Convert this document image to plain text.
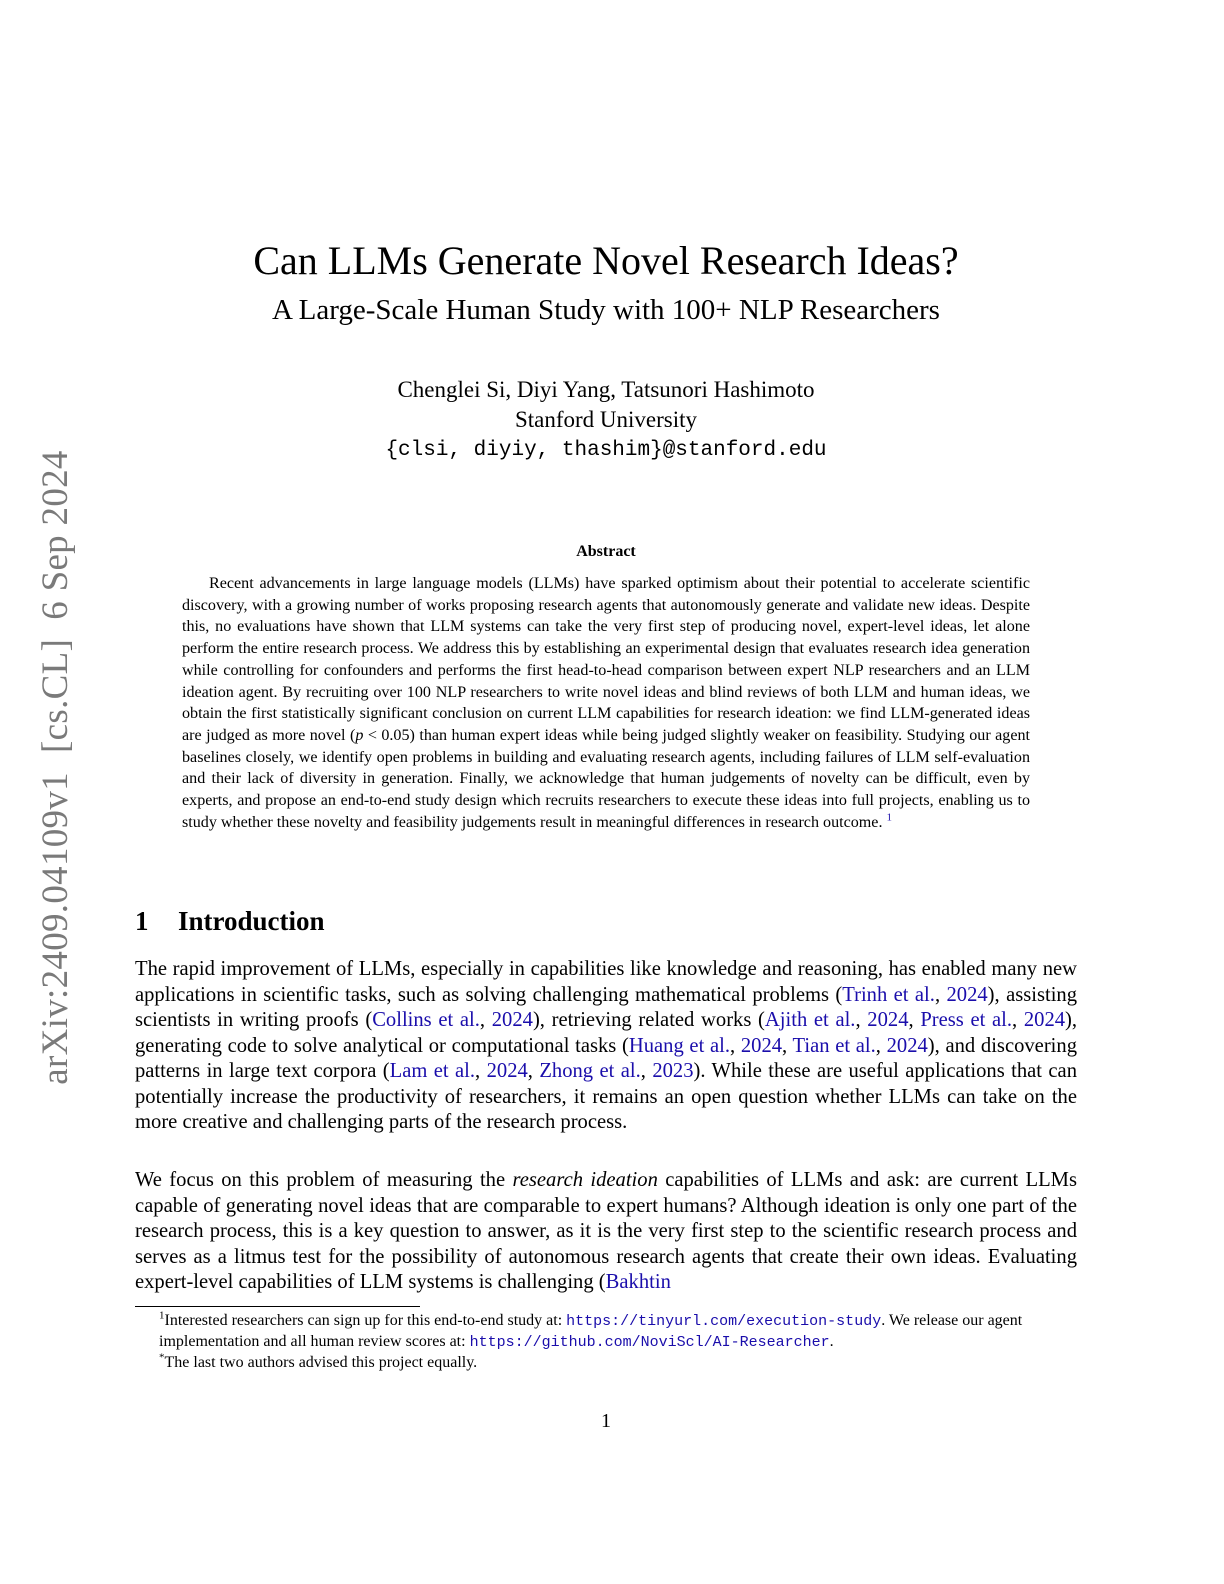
arXiv:2409.04109v1  [cs.CL]  6 Sep 2024
Can LLMs Generate Novel Research Ideas?
A Large-Scale Human Study with 100+ NLP Researchers
Chenglei Si, Diyi Yang, Tatsunori Hashimoto
Stanford University
{clsi, diyiy, thashim}@stanford.edu
Abstract

Recent advancements in large language models (LLMs) have sparked optimism about their potential to accelerate scientific discovery, with a growing number of works proposing research agents that autonomously generate and validate new ideas. Despite this, no evaluations have shown that LLM systems can take the very first step of producing novel, expert-level ideas, let alone perform the entire research process. We address this by establishing an experimental design that evaluates research idea generation while controlling for confounders and performs the first head-to-head comparison between expert NLP researchers and an LLM ideation agent. By recruiting over 100 NLP researchers to write novel ideas and blind reviews of both LLM and human ideas, we obtain the first statistically significant conclusion on current LLM capabilities for research ideation: we find LLM-generated ideas are judged as more novel (p < 0.05) than human expert ideas while being judged slightly weaker on feasibility. Studying our agent baselines closely, we identify open problems in building and evaluating research agents, including failures of LLM self-evaluation and their lack of diversity in generation. Finally, we acknowledge that human judgements of novelty can be difficult, even by experts, and propose an end-to-end study design which recruits researchers to execute these ideas into full projects, enabling us to study whether these novelty and feasibility judgements result in meaningful differences in research outcome. $^1$

1 Introduction

The rapid improvement of LLMs, especially in capabilities like knowledge and reasoning, has enabled many new applications in scientific tasks, such as solving challenging mathematical problems (Trinh et al., 2024), assisting scientists in writing proofs (Collins et al., 2024), retrieving related works (Ajith et al., 2024, Press et al., 2024), generating code to solve analytical or computational tasks (Huang et al., 2024, Tian et al., 2024), and discovering patterns in large text corpora (Lam et al., 2024, Zhong et al., 2023). While these are useful applications that can potentially increase the productivity of researchers, it remains an open question whether LLMs can take on the more creative and challenging parts of the research process.

We focus on this problem of measuring the research ideation capabilities of LLMs and ask: are current LLMs capable of generating novel ideas that are comparable to expert humans? Although ideation is only one part of the research process, this is a key question to answer, as it is the very first step to the scientific research process and serves as a litmus test for the possibility of autonomous research agents that create their own ideas. Evaluating expert-level capabilities of LLM systems is challenging (Bakhtin

$^1$Interested researchers can sign up for this end-to-end study at: https://tinyurl.com/execution-study. We release our agent implementation and all human review scores at: https://github.com/NoviScl/AI-Researcher.

*The last two authors advised this project equally.

1
